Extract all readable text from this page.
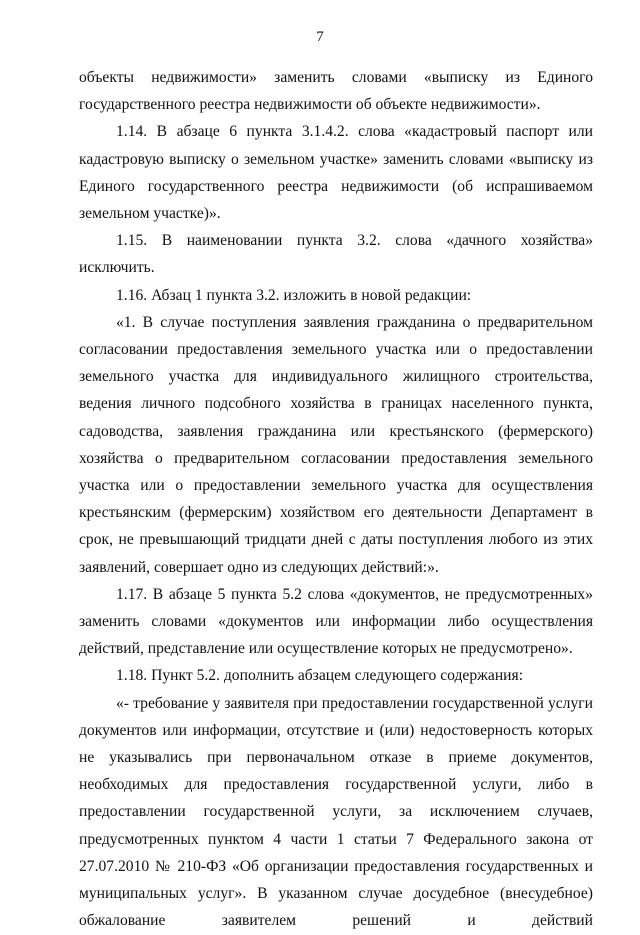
7

объекты недвижимости» заменить словами «выписку из Единого государственного реестра недвижимости об объекте недвижимости».

1.14. В абзаце 6 пункта 3.1.4.2. слова «кадастровый паспорт или кадастровую выписку о земельном участке» заменить словами «выписку из Единого государственного реестра недвижимости (об испрашиваемом земельном участке)».

1.15. В наименовании пункта 3.2. слова «дачного хозяйства» исключить.

1.16. Абзац 1 пункта 3.2. изложить в новой редакции:

«1. В случае поступления заявления гражданина о предварительном согласовании предоставления земельного участка или о предоставлении земельного участка для индивидуального жилищного строительства, ведения личного подсобного хозяйства в границах населенного пункта, садоводства, заявления гражданина или крестьянского (фермерского) хозяйства о предварительном согласовании предоставления земельного участка или о предоставлении земельного участка для осуществления крестьянским (фермерским) хозяйством его деятельности Департамент в срок, не превышающий тридцати дней с даты поступления любого из этих заявлений, совершает одно из следующих действий:».

1.17. В абзаце 5 пункта 5.2 слова «документов, не предусмотренных» заменить словами «документов или информации либо осуществления действий, представление или осуществление которых не предусмотрено».

1.18. Пункт 5.2. дополнить абзацем следующего содержания:

«- требование у заявителя при предоставлении государственной услуги документов или информации, отсутствие и (или) недостоверность которых не указывались при первоначальном отказе в приеме документов, необходимых для предоставления государственной услуги, либо в предоставлении государственной услуги, за исключением случаев, предусмотренных пунктом 4 части 1 статьи 7 Федерального закона от 27.07.2010 № 210-ФЗ «Об организации предоставления государственных и муниципальных услуг». В указанном случае досудебное (внесудебное) обжалование заявителем решений и действий
